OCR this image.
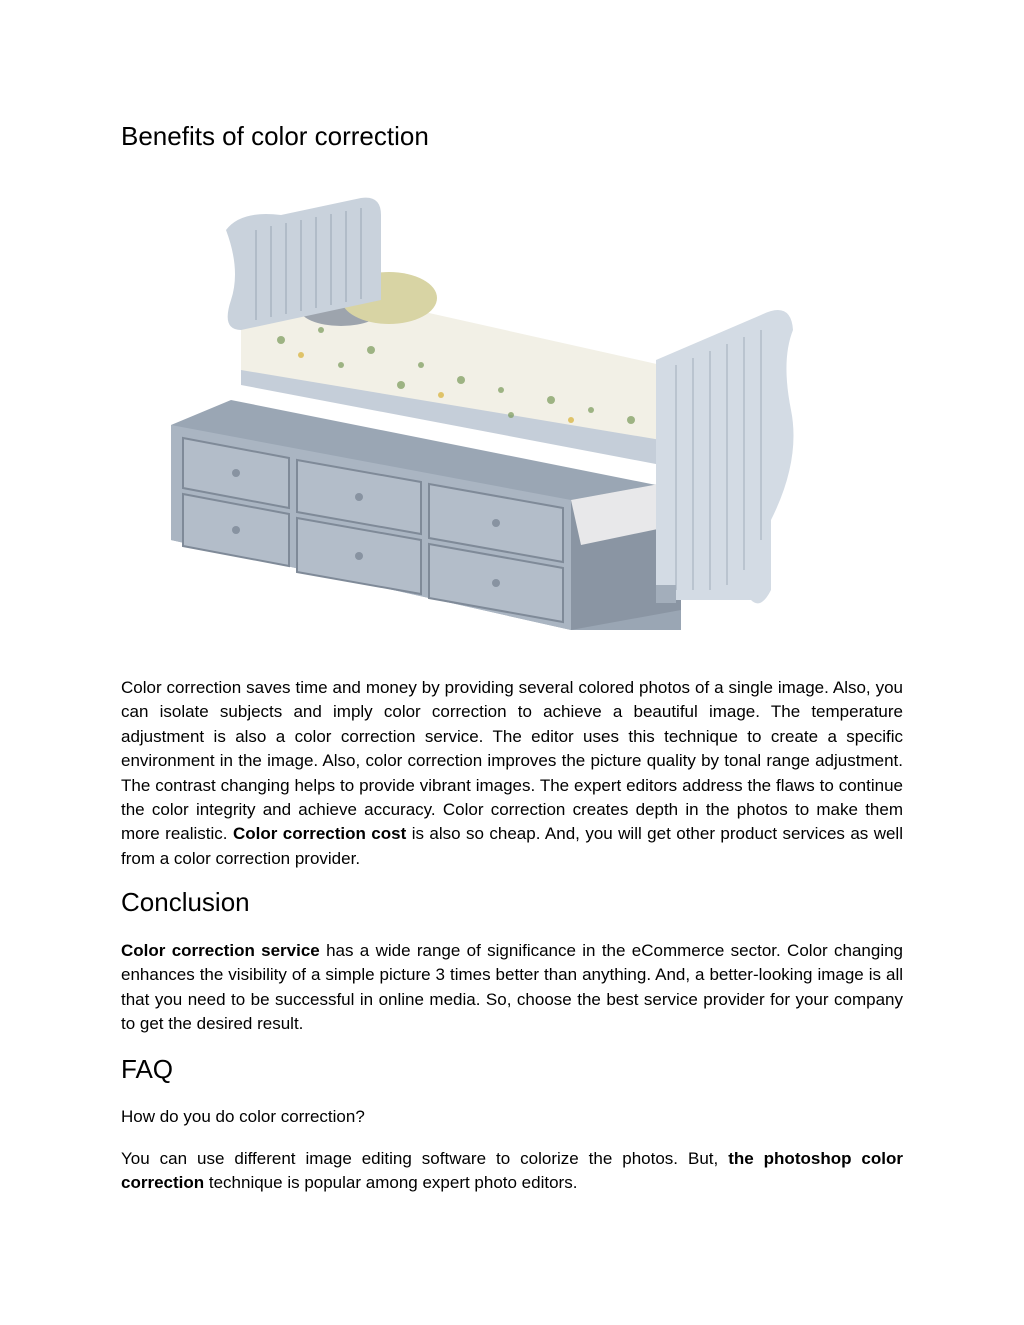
Benefits of color correction

Color correction saves time and money by providing several colored photos of a single image. Also, you can isolate subjects and imply color correction to achieve a beautiful image. The temperature adjustment is also a color correction service. The editor uses this technique to create a specific environment in the image. Also, color correction improves the picture quality by tonal range adjustment. The contrast changing helps to provide vibrant images. The expert editors address the flaws to continue the color integrity and achieve accuracy. Color correction creates depth in the photos to make them more realistic. Color correction cost is also so cheap. And, you will get other product services as well from a color correction provider.

Conclusion

Color correction service has a wide range of significance in the eCommerce sector. Color changing enhances the visibility of a simple picture 3 times better than anything. And, a better-looking image is all that you need to be successful in online media. So, choose the best service provider for your company to get the desired result.

FAQ

How do you do color correction?

You can use different image editing software to colorize the photos. But, the photoshop color correction technique is popular among expert photo editors.
